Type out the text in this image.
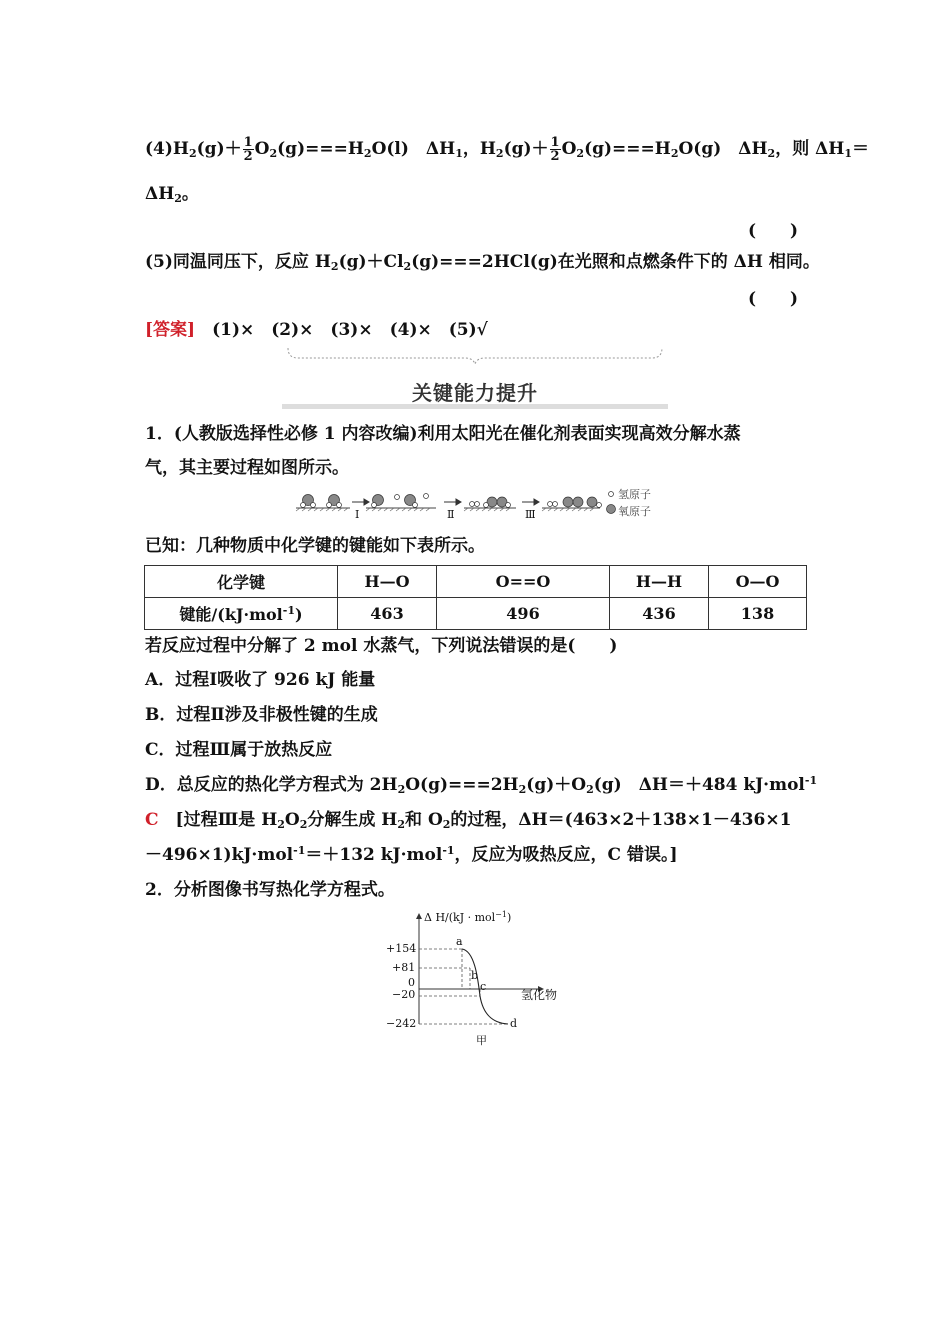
$(4)H_2(g)+ \frac{1}{2} O_2(g)===H_2O(l)$　$\Delta H_1$，$H_2(g)+ \frac{1}{2} O_2(g)===H_2O(g)$　$\Delta H_2$，则 $\Delta H_1=$
$\Delta H_2$。
(　　)
(5)同温同压下，反应 $H_2(g)+Cl_2(g)===2HCl(g)$在光照和点燃条件下的 ΔH 相同。
(　　)
[答案]　(1)×　(2)×　(3)×　(4)×　(5)√
关键能力提升
1．(人教版选择性必修 1 内容改编)利用太阳光在催化剂表面实现高效分解水蒸
气，其主要过程如图所示。
Ⅰ	Ⅱ	Ⅲ
氢原子
氧原子
已知：几种物质中化学键的键能如下表所示。
化学键	H—O	O==O	H—H	O—O
键能/(kJ·mol$^{-1}$)	463	496	436	138
若反应过程中分解了 2 mol 水蒸气，下列说法错误的是(　　)
A．过程Ⅰ吸收了 926 kJ 能量
B．过程Ⅱ涉及非极性键的生成
C．过程Ⅲ属于放热反应
D．总反应的热化学方程式为 $2H_2O(g)===2H_2(g)+O_2(g)$　ΔH＝＋484 kJ·mol$^{-1}$
C　 [过程Ⅲ是 $H_2O_2$分解生成 $H_2$和 $O_2$的过程，ΔH＝(463×2＋138×1－436×1
－496×1)kJ·mol$^{-1}$＝＋132 kJ·mol$^{-1}$，反应为吸热反应，C 错误。]
2．分析图像书写热化学方程式。
Δ H/(kJ · mol$^{-1}$)
+154
+81
0
−20
−242
a
b
c
d
氢化物
甲
